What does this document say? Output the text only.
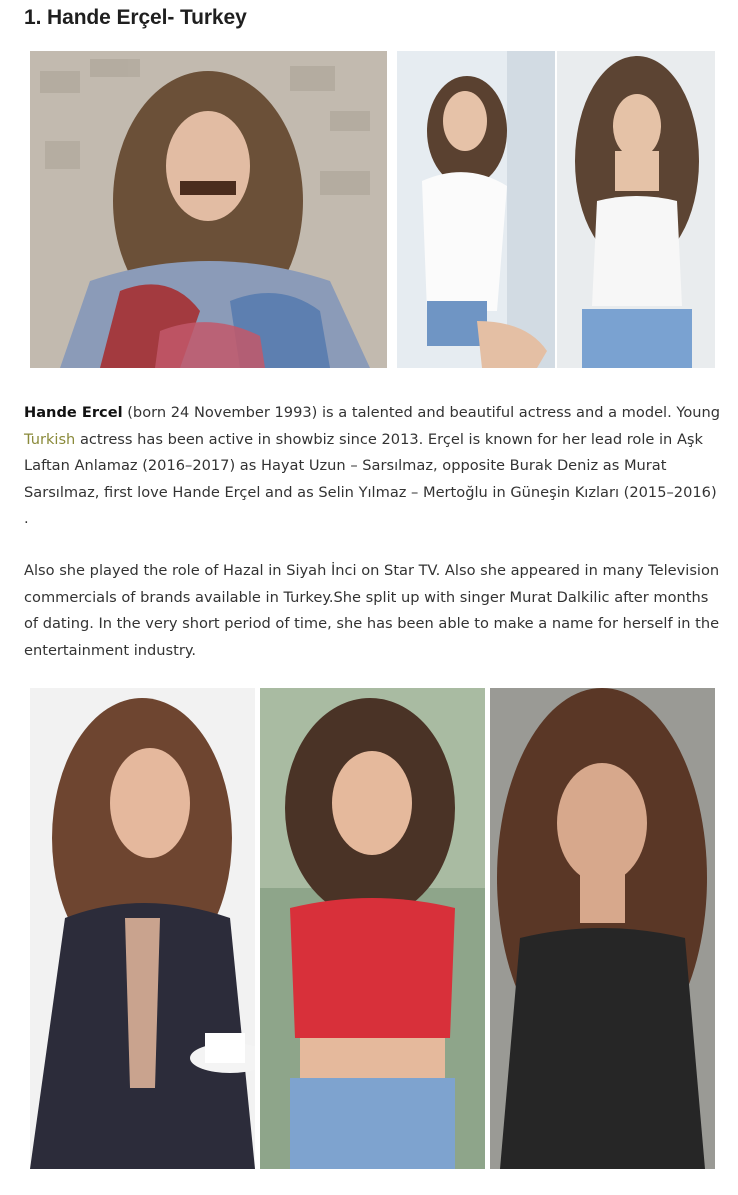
1. Hande Erçel- Turkey

Hande Ercel (born 24 November 1993) is a talented and beautiful actress and a model. Young Turkish actress has been active in showbiz since 2013. Erçel is known for her lead role in Aşk Laftan Anlamaz (2016–2017) as Hayat Uzun – Sarsılmaz, opposite Burak Deniz as Murat Sarsılmaz, first love Hande Erçel and as Selin Yılmaz – Mertoğlu in Güneşin Kızları (2015–2016) .

Also she played the role of Hazal in Siyah İnci on Star TV. Also she appeared in many Television commercials of brands available in Turkey.She split up with singer Murat Dalkilic after months of dating. In the very short period of time, she has been able to make a name for herself in the entertainment industry.
